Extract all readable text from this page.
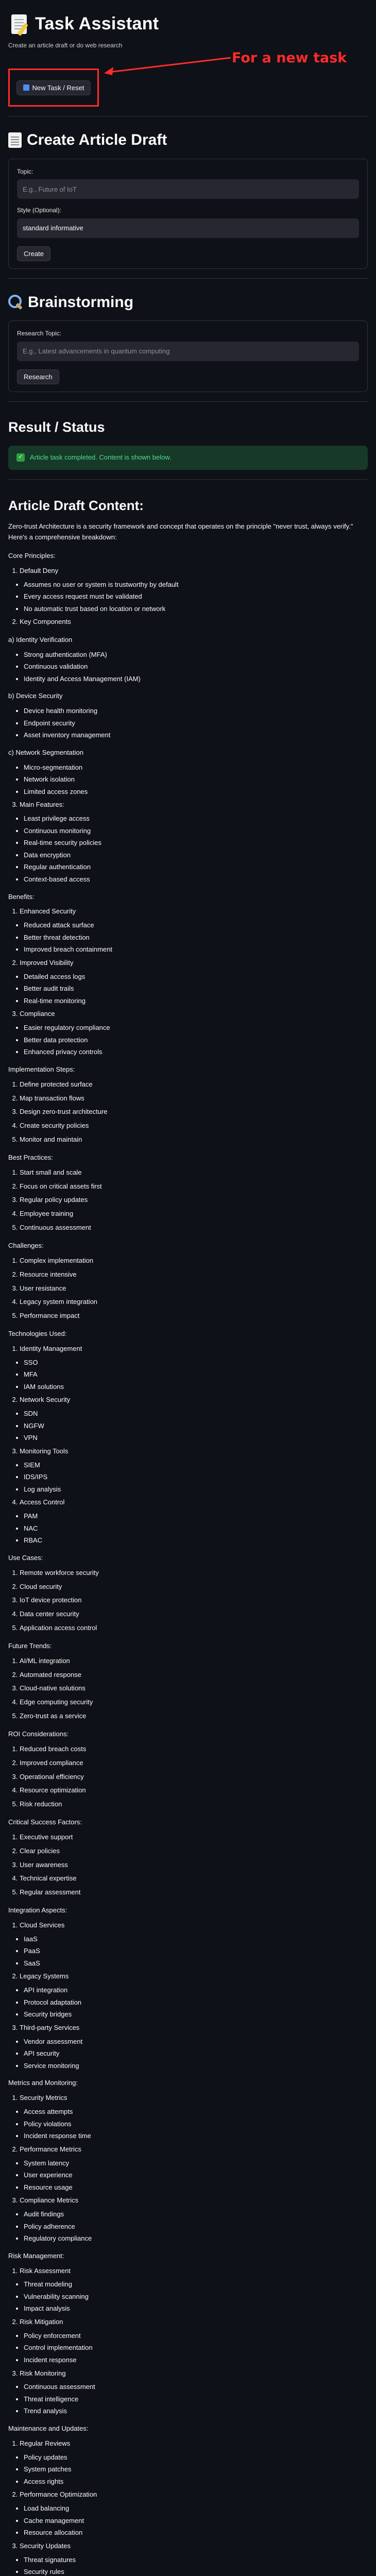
Task Assistant
Create an article draft or do web research
For a new task
New Task / Reset
Create Article Draft
Topic:
E.g., Future of IoT
Style (Optional):
standard informative Create
Brainstorming
Research Topic:
E.g., Latest advancements in quantum computing Research
Result / Status
✓ Article task completed. Content is shown below.
Article Draft Content:

Zero-trust Architecture is a security framework and concept that operates on the principle "never trust, always verify." Here's a comprehensive breakdown:

Core Principles:

1. Default Deny
• Assumes no user or system is trustworthy by default
• Every access request must be validated
• No automatic trust based on location or network
2. Key Components

a) Identity Verification

• Strong authentication (MFA)
• Continuous validation
• Identity and Access Management (IAM)

b) Device Security

• Device health monitoring
• Endpoint security
• Asset inventory management

c) Network Segmentation

• Micro-segmentation
• Network isolation
• Limited access zones
3. Main Features:
• Least privilege access
• Continuous monitoring
• Real-time security policies
• Data encryption
• Regular authentication
• Context-based access

Benefits:

1. Enhanced Security
• Reduced attack surface
• Better threat detection
• Improved breach containment
2. Improved Visibility
• Detailed access logs
• Better audit trails
• Real-time monitoring
3. Compliance
• Easier regulatory compliance
• Better data protection
• Enhanced privacy controls

Implementation Steps:

1. Define protected surface
2. Map transaction flows
3. Design zero-trust architecture
4. Create security policies
5. Monitor and maintain

Best Practices:

1. Start small and scale
2. Focus on critical assets first
3. Regular policy updates
4. Employee training
5. Continuous assessment

Challenges:

1. Complex implementation
2. Resource intensive
3. User resistance
4. Legacy system integration
5. Performance impact

Technologies Used:

1. Identity Management
• SSO
• MFA
• IAM solutions
2. Network Security
• SDN
• NGFW
• VPN
3. Monitoring Tools
• SIEM
• IDS/IPS
• Log analysis
4. Access Control
• PAM
• NAC
• RBAC

Use Cases:

1. Remote workforce security
2. Cloud security
3. IoT device protection
4. Data center security
5. Application access control

Future Trends:

1. AI/ML integration
2. Automated response
3. Cloud-native solutions
4. Edge computing security
5. Zero-trust as a service

ROI Considerations:

1. Reduced breach costs
2. Improved compliance
3. Operational efficiency
4. Resource optimization
5. Risk reduction

Critical Success Factors:

1. Executive support
2. Clear policies
3. User awareness
4. Technical expertise
5. Regular assessment

Integration Aspects:

1. Cloud Services
• IaaS
• PaaS
• SaaS
2. Legacy Systems
• API integration
• Protocol adaptation
• Security bridges
3. Third-party Services
• Vendor assessment
• API security
• Service monitoring

Metrics and Monitoring:

1. Security Metrics
• Access attempts
• Policy violations
• Incident response time
2. Performance Metrics
• System latency
• User experience
• Resource usage
3. Compliance Metrics
• Audit findings
• Policy adherence
• Regulatory compliance

Risk Management:

1. Risk Assessment
• Threat modeling
• Vulnerability scanning
• Impact analysis
2. Risk Mitigation
• Policy enforcement
• Control implementation
• Incident response
3. Risk Monitoring
• Continuous assessment
• Threat intelligence
• Trend analysis

Maintenance and Updates:

1. Regular Reviews
• Policy updates
• System patches
• Access rights
2. Performance Optimization
• Load balancing
• Cache management
• Resource allocation
3. Security Updates
• Threat signatures
• Security rules
